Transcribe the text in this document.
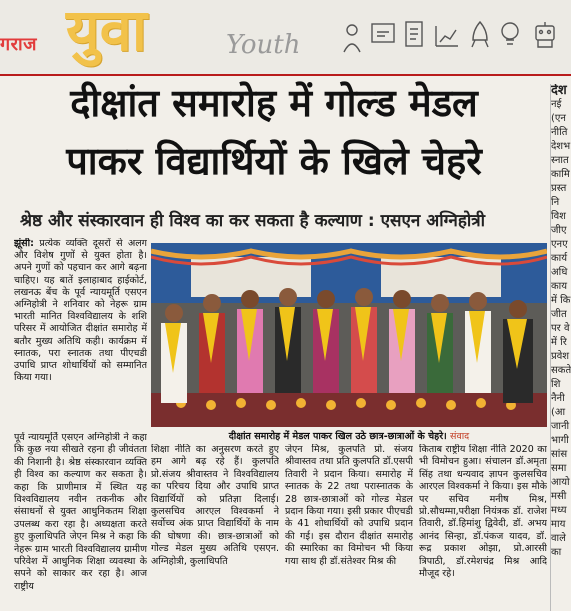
गराज युवा	Youth
दीक्षांत समारोह में गोल्ड मेडल
पाकर विद्यार्थियों के खिले चेहरे
श्रेष्ठ और संस्कारवान ही विश्व का कर सकता है कल्याण : एसएन अग्निहोत्री
झूंसी: प्रत्येक व्यक्ति दूसरों से अलग और विशेष गुणों से युक्त होता है। अपने गुणों को पहचान कर आगे बढ़ना चाहिए। यह बातें इलाहाबाद हाईकोर्ट, लखनऊ बेंच के पूर्व न्यायमूर्ति एसएन अग्निहोत्री ने शनिवार को नेहरू ग्राम भारती मानित विश्वविद्यालय के शशि परिसर में आयोजित दीक्षांत समारोह में बतौर मुख्य अतिथि कही। कार्यक्रम में स्नातक, परा स्नातक तथा पीएचडी उपाधि प्राप्त शोधार्थियों को सम्मानित किया गया।
दीक्षांत समारोह में मेडल पाकर खिल उठे छात्र-छात्राओं के चेहरे। संवाद

पूर्व न्यायमूर्ति एसएन अग्निहोत्री ने कहा कि कुछ नया सीखते रहना ही जीवंतता की निशानी है। श्रेष्ठ संस्कारवान व्यक्ति ही विश्व का कल्याण कर सकता है। कहा कि प्राणीमात्र में स्थित यह विश्वविद्यालय नवीन तकनीक और संसाधनों से युक्त आधुनिकतम शिक्षा उपलब्ध करा रहा है। अध्यक्षता करते हुए कुलाधिपति जेएन मिश्र ने कहा कि नेहरू ग्राम भारती विश्वविद्यालय ग्रामीण परिवेश में आधुनिक शिक्षा व्यवस्था के सपने को साकार कर रहा है। आज राष्ट्रीय

शिक्षा नीति का अनुसरण करते हुए हम आगे बढ़ रहे हैं। कुलपति प्रो.संजय श्रीवास्तव ने विश्वविद्यालय का परिचय दिया और उपाधि प्राप्त विद्यार्थियों को प्रतिज्ञा दिलाई। कुलसचिव आरएल विश्वकर्मा ने सर्वोच्च अंक प्राप्त विद्यार्थियों के नाम की घोषणा की। छात्र-छात्राओं को गोल्ड मेडल मुख्य अतिथि एसएन. अग्निहोत्री, कुलाधिपति

जेएन मिश्र, कुलपति प्रो. संजय श्रीवास्तव तथा प्रति कुलपति डॉ.एसपी तिवारी ने प्रदान किया। समारोह में स्नातक के 22 तथा परास्नातक के 28 छात्र-छात्राओं को गोल्ड मेडल प्रदान किया गया। इसी प्रकार पीएचडी के 41 शोधार्थियों को उपाधि प्रदान की गई। इस दौरान दीक्षांत समारोह की स्मारिका का विमोचन भी किया गया साथ ही डॉ.संतेश्वर मिश्र की

किताब राष्ट्रीय शिक्षा नीति 2020 का भी विमोचन हुआ। संचालन डॉ.अमृता सिंह तथा धन्यवाद ज्ञापन कुलसचिव आरएल विश्वकर्मा ने किया। इस मौके पर सचिव मनीष मिश्र, प्रो.सौधम्मा,परीक्षा नियंत्रक डॉ. राजेश तिवारी, डॉ.हिमांशु द्विवेदी, डॉ. अभय आनंद सिन्हा, डॉ.पंकज यादव, डॉ. रूद्र प्रकाश ओझा, प्रो.आरसी त्रिपाठी, डॉ.रमेशचंद्र मिश्र आदि मौजूद रहे।

देश
नई
(एन
नीति
देशभ
स्नात
कामि
प्रस्त
नि
विश
जीए
एनए
कार्य
अधि
काय
में कि
जीत
पर वे
में रि
प्रवेश
सकते
शि
नैनी
(आ
जानी
भागी
सांस
समा
आयो
मसी
मध्य
माय
वाले
का
